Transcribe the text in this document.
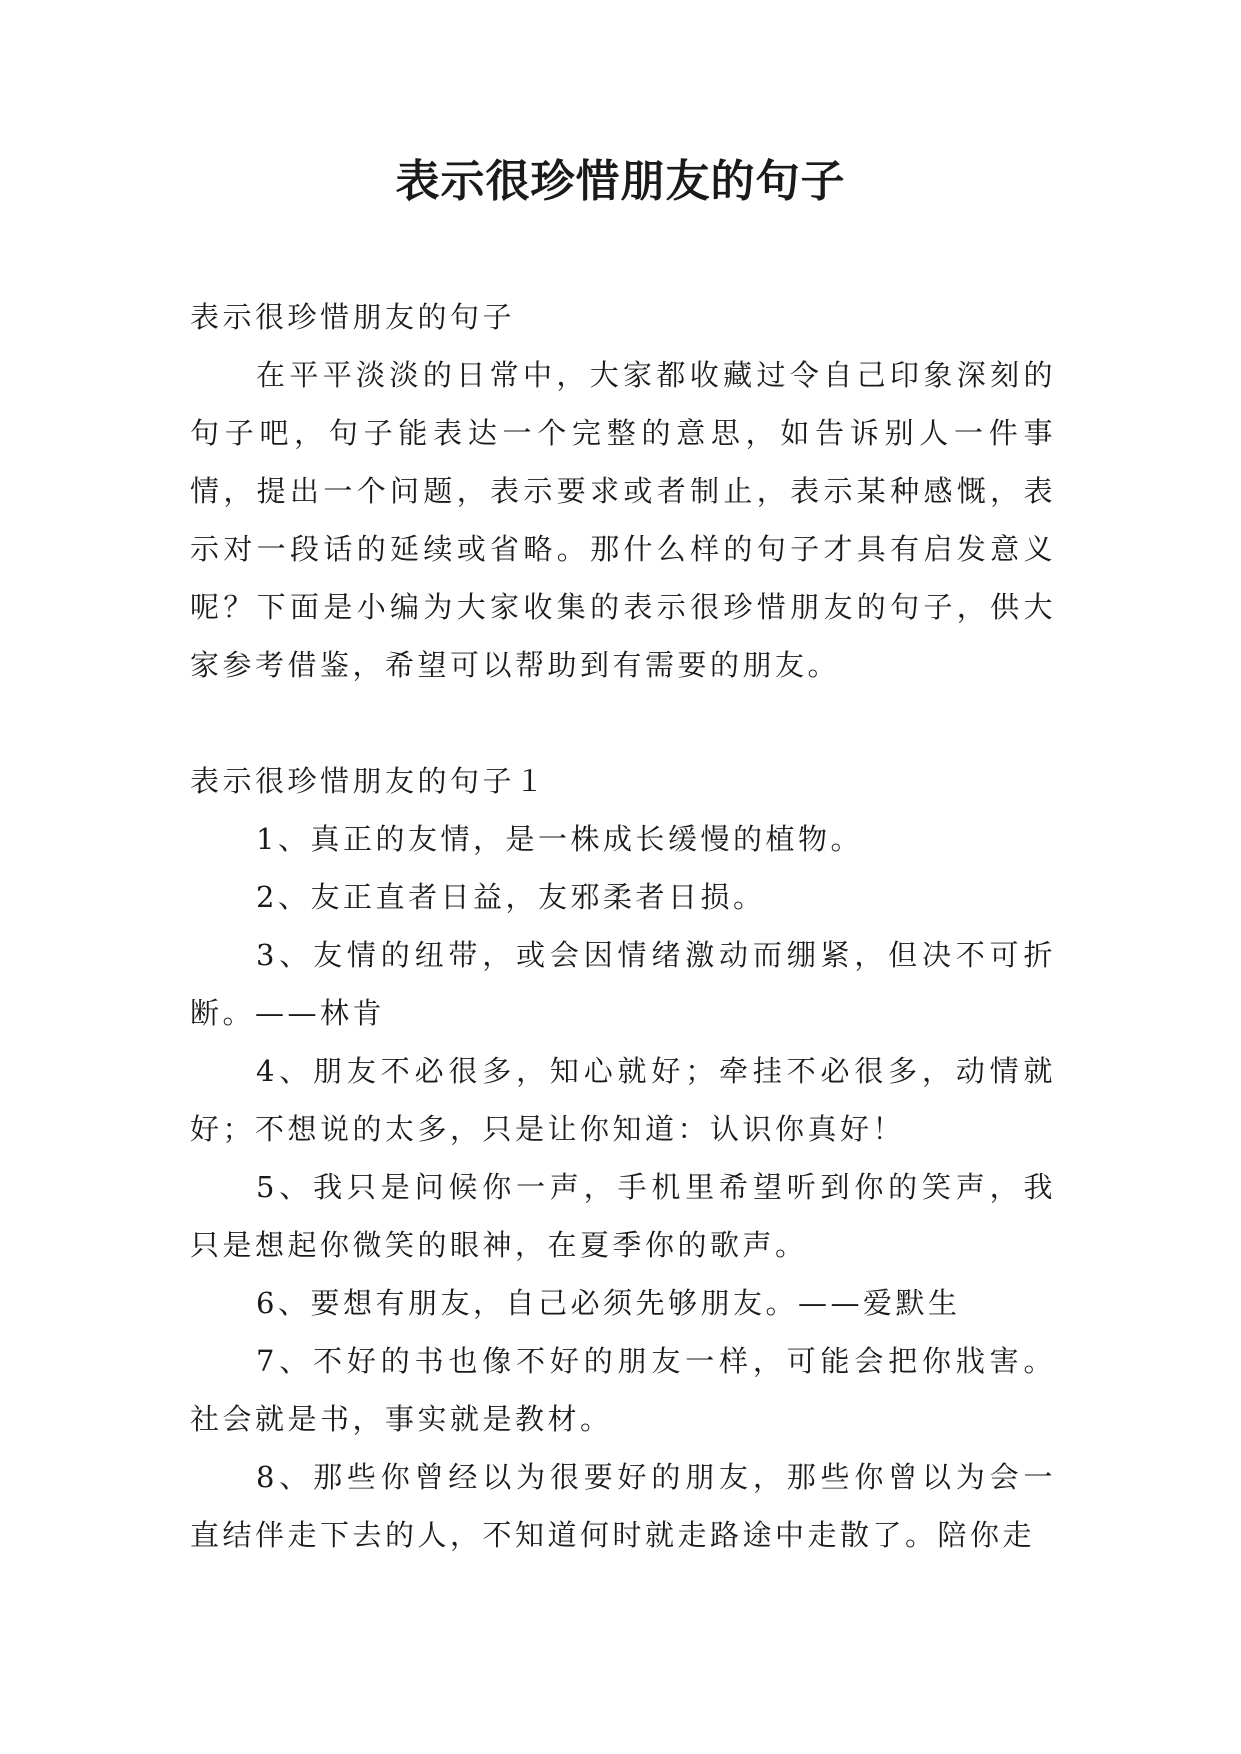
表示很珍惜朋友的句子

表示很珍惜朋友的句子

在平平淡淡的日常中，大家都收藏过令自己印象深刻的句子吧，句子能表达一个完整的意思，如告诉别人一件事情，提出一个问题，表示要求或者制止，表示某种感慨，表示对一段话的延续或省略。那什么样的句子才具有启发意义呢？下面是小编为大家收集的表示很珍惜朋友的句子，供大家参考借鉴，希望可以帮助到有需要的朋友。

表示很珍惜朋友的句子１

1、真正的友情，是一株成长缓慢的植物。

2、友正直者日益，友邪柔者日损。

3、友情的纽带，或会因情绪激动而绷紧，但决不可折断。——林肯

4、朋友不必很多，知心就好；牵挂不必很多，动情就好；不想说的太多，只是让你知道：认识你真好！

5、我只是问候你一声，手机里希望听到你的笑声，我只是想起你微笑的眼神，在夏季你的歌声。

6、要想有朋友，自己必须先够朋友。——爱默生

7、不好的书也像不好的朋友一样，可能会把你戕害。社会就是书，事实就是教材。

8、那些你曾经以为很要好的朋友，那些你曾以为会一直结伴走下去的人，不知道何时就走路途中走散了。陪你走
